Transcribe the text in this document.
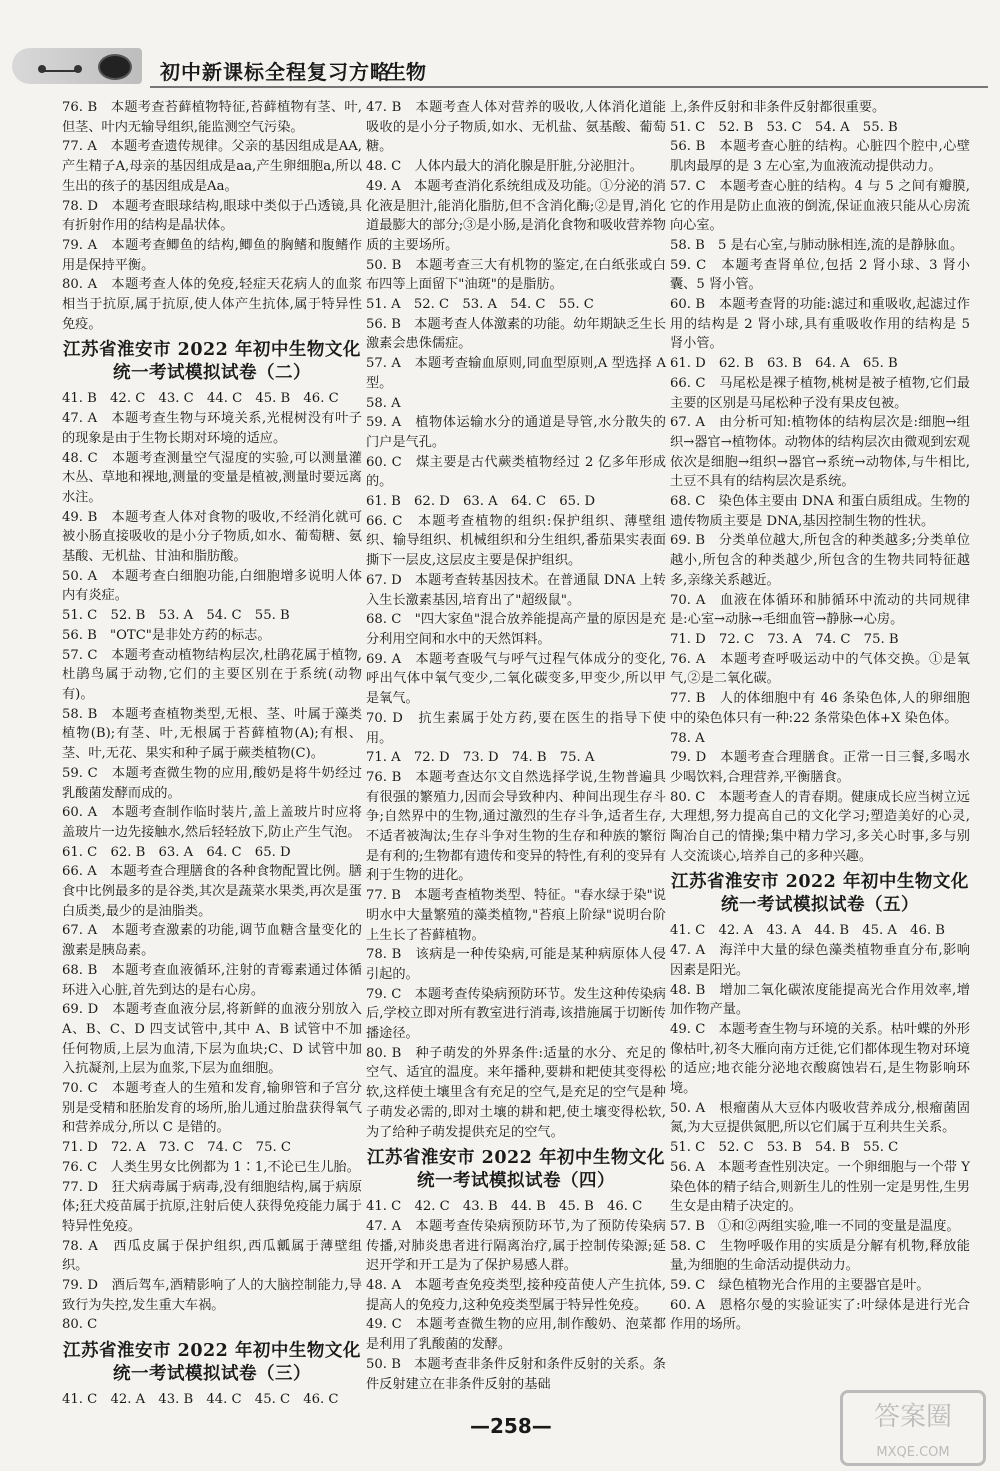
初中新课标全程复习方略
生物
76. B　本题考查苔藓植物特征,苔藓植物有茎、叶,但茎、叶内无输导组织,能监测空气污染。
77. A　本题考查遗传规律。父亲的基因组成是AA,产生精子A,母亲的基因组成是aa,产生卵细胞a,所以生出的孩子的基因组成是Aa。
78. D　本题考查眼球结构,眼球中类似于凸透镜,具有折射作用的结构是晶状体。
79. A　本题考查鲫鱼的结构,鲫鱼的胸鳍和腹鳍作用是保持平衡。
80. A　本题考查人体的免疫,轻症天花病人的血浆相当于抗原,属于抗原,使人体产生抗体,属于特异性免疫。
江苏省淮安市 2022 年初中生物文化统一考试模拟试卷（二）
41. B　42. C　43. C　44. C　45. B　46. C
47. A　本题考查生物与环境关系,光棍树没有叶子的现象是由于生物长期对环境的适应。
48. C　本题考查测量空气湿度的实验,可以测量灌木丛、草地和裸地,测量的变量是植被,测量时要远离水注。
49. B　本题考查人体对食物的吸收,不经消化就可被小肠直接吸收的是小分子物质,如水、葡萄糖、氨基酸、无机盐、甘油和脂肪酸。
50. A　本题考查白细胞功能,白细胞增多说明人体内有炎症。
51. C　52. B　53. A　54. C　55. B
56. B　"OTC"是非处方药的标志。
57. C　本题考查动植物结构层次,杜鹃花属于植物,杜鹃鸟属于动物,它们的主要区别在于系统(动物有)。
58. B　本题考查植物类型,无根、茎、叶属于藻类植物(B);有茎、叶,无根属于苔藓植物(A);有根、茎、叶,无花、果实和种子属于蕨类植物(C)。
59. C　本题考查微生物的应用,酸奶是将牛奶经过乳酸菌发酵而成的。
60. A　本题考查制作临时装片,盖上盖玻片时应将盖玻片一边先接触水,然后轻轻放下,防止产生气泡。
61. C　62. B　63. A　64. C　65. D
66. A　本题考查合理膳食的各种食物配置比例。膳食中比例最多的是谷类,其次是蔬菜水果类,再次是蛋白质类,最少的是油脂类。
67. A　本题考查激素的功能,调节血糖含量变化的激素是胰岛素。
68. B　本题考查血液循环,注射的青霉素通过体循环进入心脏,首先到达的是右心房。
69. D　本题考查血液分层,将新鲜的血液分别放入 A、B、C、D 四支试管中,其中 A、B 试管中不加任何物质,上层为血清,下层为血块;C、D 试管中加入抗凝剂,上层为血浆,下层为血细胞。
70. C　本题考查人的生殖和发育,输卵管和子宫分别是受精和胚胎发育的场所,胎儿通过胎盘获得氧气和营养成分,所以 C 是错的。
71. D　72. A　73. C　74. C　75. C
76. C　人类生男女比例都为 1∶1,不论已生儿胎。
77. D　狂犬病毒属于病毒,没有细胞结构,属于病原体;狂犬疫苗属于抗原,注射后使人获得免疫能力属于特异性免疫。
78. A　西瓜皮属于保护组织,西瓜瓤属于薄壁组织。
79. D　酒后驾车,酒精影响了人的大脑控制能力,导致行为失控,发生重大车祸。
80. C
江苏省淮安市 2022 年初中生物文化统一考试模拟试卷（三）
41. C　42. A　43. B　44. C　45. C　46. C
47. B　本题考查人体对营养的吸收,人体消化道能吸收的是小分子物质,如水、无机盐、氨基酸、葡萄糖。
48. C　人体内最大的消化腺是肝脏,分泌胆汁。
49. A　本题考查消化系统组成及功能。①分泌的消化液是胆汁,能消化脂肪,但不含消化酶;②是胃,消化道最膨大的部分;③是小肠,是消化食物和吸收营养物质的主要场所。
50. B　本题考查三大有机物的鉴定,在白纸张或白布四等上面留下"油斑"的是脂肪。
51. A　52. C　53. A　54. C　55. C
56. B　本题考查人体激素的功能。幼年期缺乏生长激素会患侏儒症。
57. A　本题考查输血原则,同血型原则,A 型选择 A 型。
58. A
59. A　植物体运输水分的通道是导管,水分散失的门户是气孔。
60. C　煤主要是古代蕨类植物经过 2 亿多年形成的。
61. B　62. D　63. A　64. C　65. D
66. C　本题考查植物的组织:保护组织、薄壁组织、输导组织、机械组织和分生组织,番茄果实表面撕下一层皮,这层皮主要是保护组织。
67. D　本题考查转基因技术。在普通鼠 DNA 上转入生长激素基因,培育出了"超级鼠"。
68. C　"四大家鱼"混合放养能提高产量的原因是充分利用空间和水中的天然饵料。
69. A　本题考查吸气与呼气过程气体成分的变化,呼出气体中氧气变少,二氧化碳变多,甲变少,所以甲是氧气。
70. D　抗生素属于处方药,要在医生的指导下使用。
71. A　72. D　73. D　74. B　75. A
76. B　本题考查达尔文自然选择学说,生物普遍具有很强的繁殖力,因而会导致种内、种间出现生存斗争;自然界中的生物,通过激烈的生存斗争,适者生存,不适者被淘汰;生存斗争对生物的生存和种族的繁衍是有利的;生物都有遗传和变异的特性,有利的变异有利于生物的进化。
77. B　本题考查植物类型、特征。"春水绿于染"说明水中大量繁殖的藻类植物,"苔痕上阶绿"说明台阶上生长了苔藓植物。
78. B　该病是一种传染病,可能是某种病原体人侵引起的。
79. C　本题考查传染病预防环节。发生这种传染病后,学校立即对所有教室进行消毒,该措施属于切断传播途径。
80. B　种子萌发的外界条件:适量的水分、充足的空气、适宜的温度。来年播种,要耕和耙使其变得松软,这样使土壤里含有充足的空气,是充足的空气是种子萌发必需的,即对土壤的耕和耙,使土壤变得松软,为了给种子萌发提供充足的空气。
江苏省淮安市 2022 年初中生物文化统一考试模拟试卷（四）
41. C　42. C　43. B　44. B　45. B　46. C
47. A　本题考查传染病预防环节,为了预防传染病传播,对肺炎患者进行隔离治疗,属于控制传染源;延迟开学和开工是为了保护易感人群。
48. A　本题考查免疫类型,接种疫苗使人产生抗体,提高人的免疫力,这种免疫类型属于特异性免疫。
49. C　本题考查微生物的应用,制作酸奶、泡菜都是利用了乳酸菌的发酵。
50. B　本题考查非条件反射和条件反射的关系。条件反射建立在非条件反射的基础
上,条件反射和非条件反射都很重要。
51. C　52. B　53. C　54. A　55. B
56. B　本题考查心脏的结构。心脏四个腔中,心壁肌肉最厚的是 3 左心室,为血液流动提供动力。
57. C　本题考查心脏的结构。4 与 5 之间有瓣膜,它的作用是防止血液的倒流,保证血液只能从心房流向心室。
58. B　5 是右心室,与肺动脉相连,流的是静脉血。
59. C　本题考查肾单位,包括 2 肾小球、3 肾小囊、5 肾小管。
60. B　本题考查肾的功能:滤过和重吸收,起滤过作用的结构是 2 肾小球,具有重吸收作用的结构是 5 肾小管。
61. D　62. B　63. B　64. A　65. B
66. C　马尾松是裸子植物,桃树是被子植物,它们最主要的区别是马尾松种子没有果皮包被。
67. A　由分析可知:植物体的结构层次是:细胞→组织→器官→植物体。动物体的结构层次由微观到宏观依次是细胞→组织→器官→系统→动物体,与牛相比,土豆不具有的结构层次是系统。
68. C　染色体主要由 DNA 和蛋白质组成。生物的遗传物质主要是 DNA,基因控制生物的性状。
69. B　分类单位越大,所包含的种类越多;分类单位越小,所包含的种类越少,所包含的生物共同特征越多,亲缘关系越近。
70. A　血液在体循环和肺循环中流动的共同规律是:心室→动脉→毛细血管→静脉→心房。
71. D　72. C　73. A　74. C　75. B
76. A　本题考查呼吸运动中的气体交换。①是氧气,②是二氧化碳。
77. B　人的体细胞中有 46 条染色体,人的卵细胞中的染色体只有一种:22 条常染色体+X 染色体。
78. A
79. D　本题考查合理膳食。正常一日三餐,多喝水少喝饮料,合理营养,平衡膳食。
80. C　本题考查人的青春期。健康成长应当树立远大理想,努力提高自己的文化学习;塑造美好的心灵,陶冶自己的情操;集中精力学习,多关心时事,多与别人交流谈心,培养自己的多种兴趣。
江苏省淮安市 2022 年初中生物文化统一考试模拟试卷（五）
41. C　42. A　43. A　44. B　45. A　46. B
47. A　海洋中大量的绿色藻类植物垂直分布,影响因素是阳光。
48. B　增加二氧化碳浓度能提高光合作用效率,增加作物产量。
49. C　本题考查生物与环境的关系。枯叶蝶的外形像枯叶,初冬大雁向南方迁徙,它们都体现生物对环境的适应;地衣能分泌地衣酸腐蚀岩石,是生物影响环境。
50. A　根瘤菌从大豆体内吸收营养成分,根瘤菌固氮,为大豆提供氮肥,所以它们属于互利共生关系。
51. C　52. C　53. B　54. B　55. C
56. A　本题考查性别决定。一个卵细胞与一个带 Y 染色体的精子结合,则新生儿的性别一定是男性,生男生女是由精子决定的。
57. B　①和②两组实验,唯一不同的变量是温度。
58. C　生物呼吸作用的实质是分解有机物,释放能量,为细胞的生命活动提供动力。
59. C　绿色植物光合作用的主要器官是叶。
60. A　恩格尔曼的实验证实了:叶绿体是进行光合作用的场所。
—258—	答案圈
MXQE.COM
